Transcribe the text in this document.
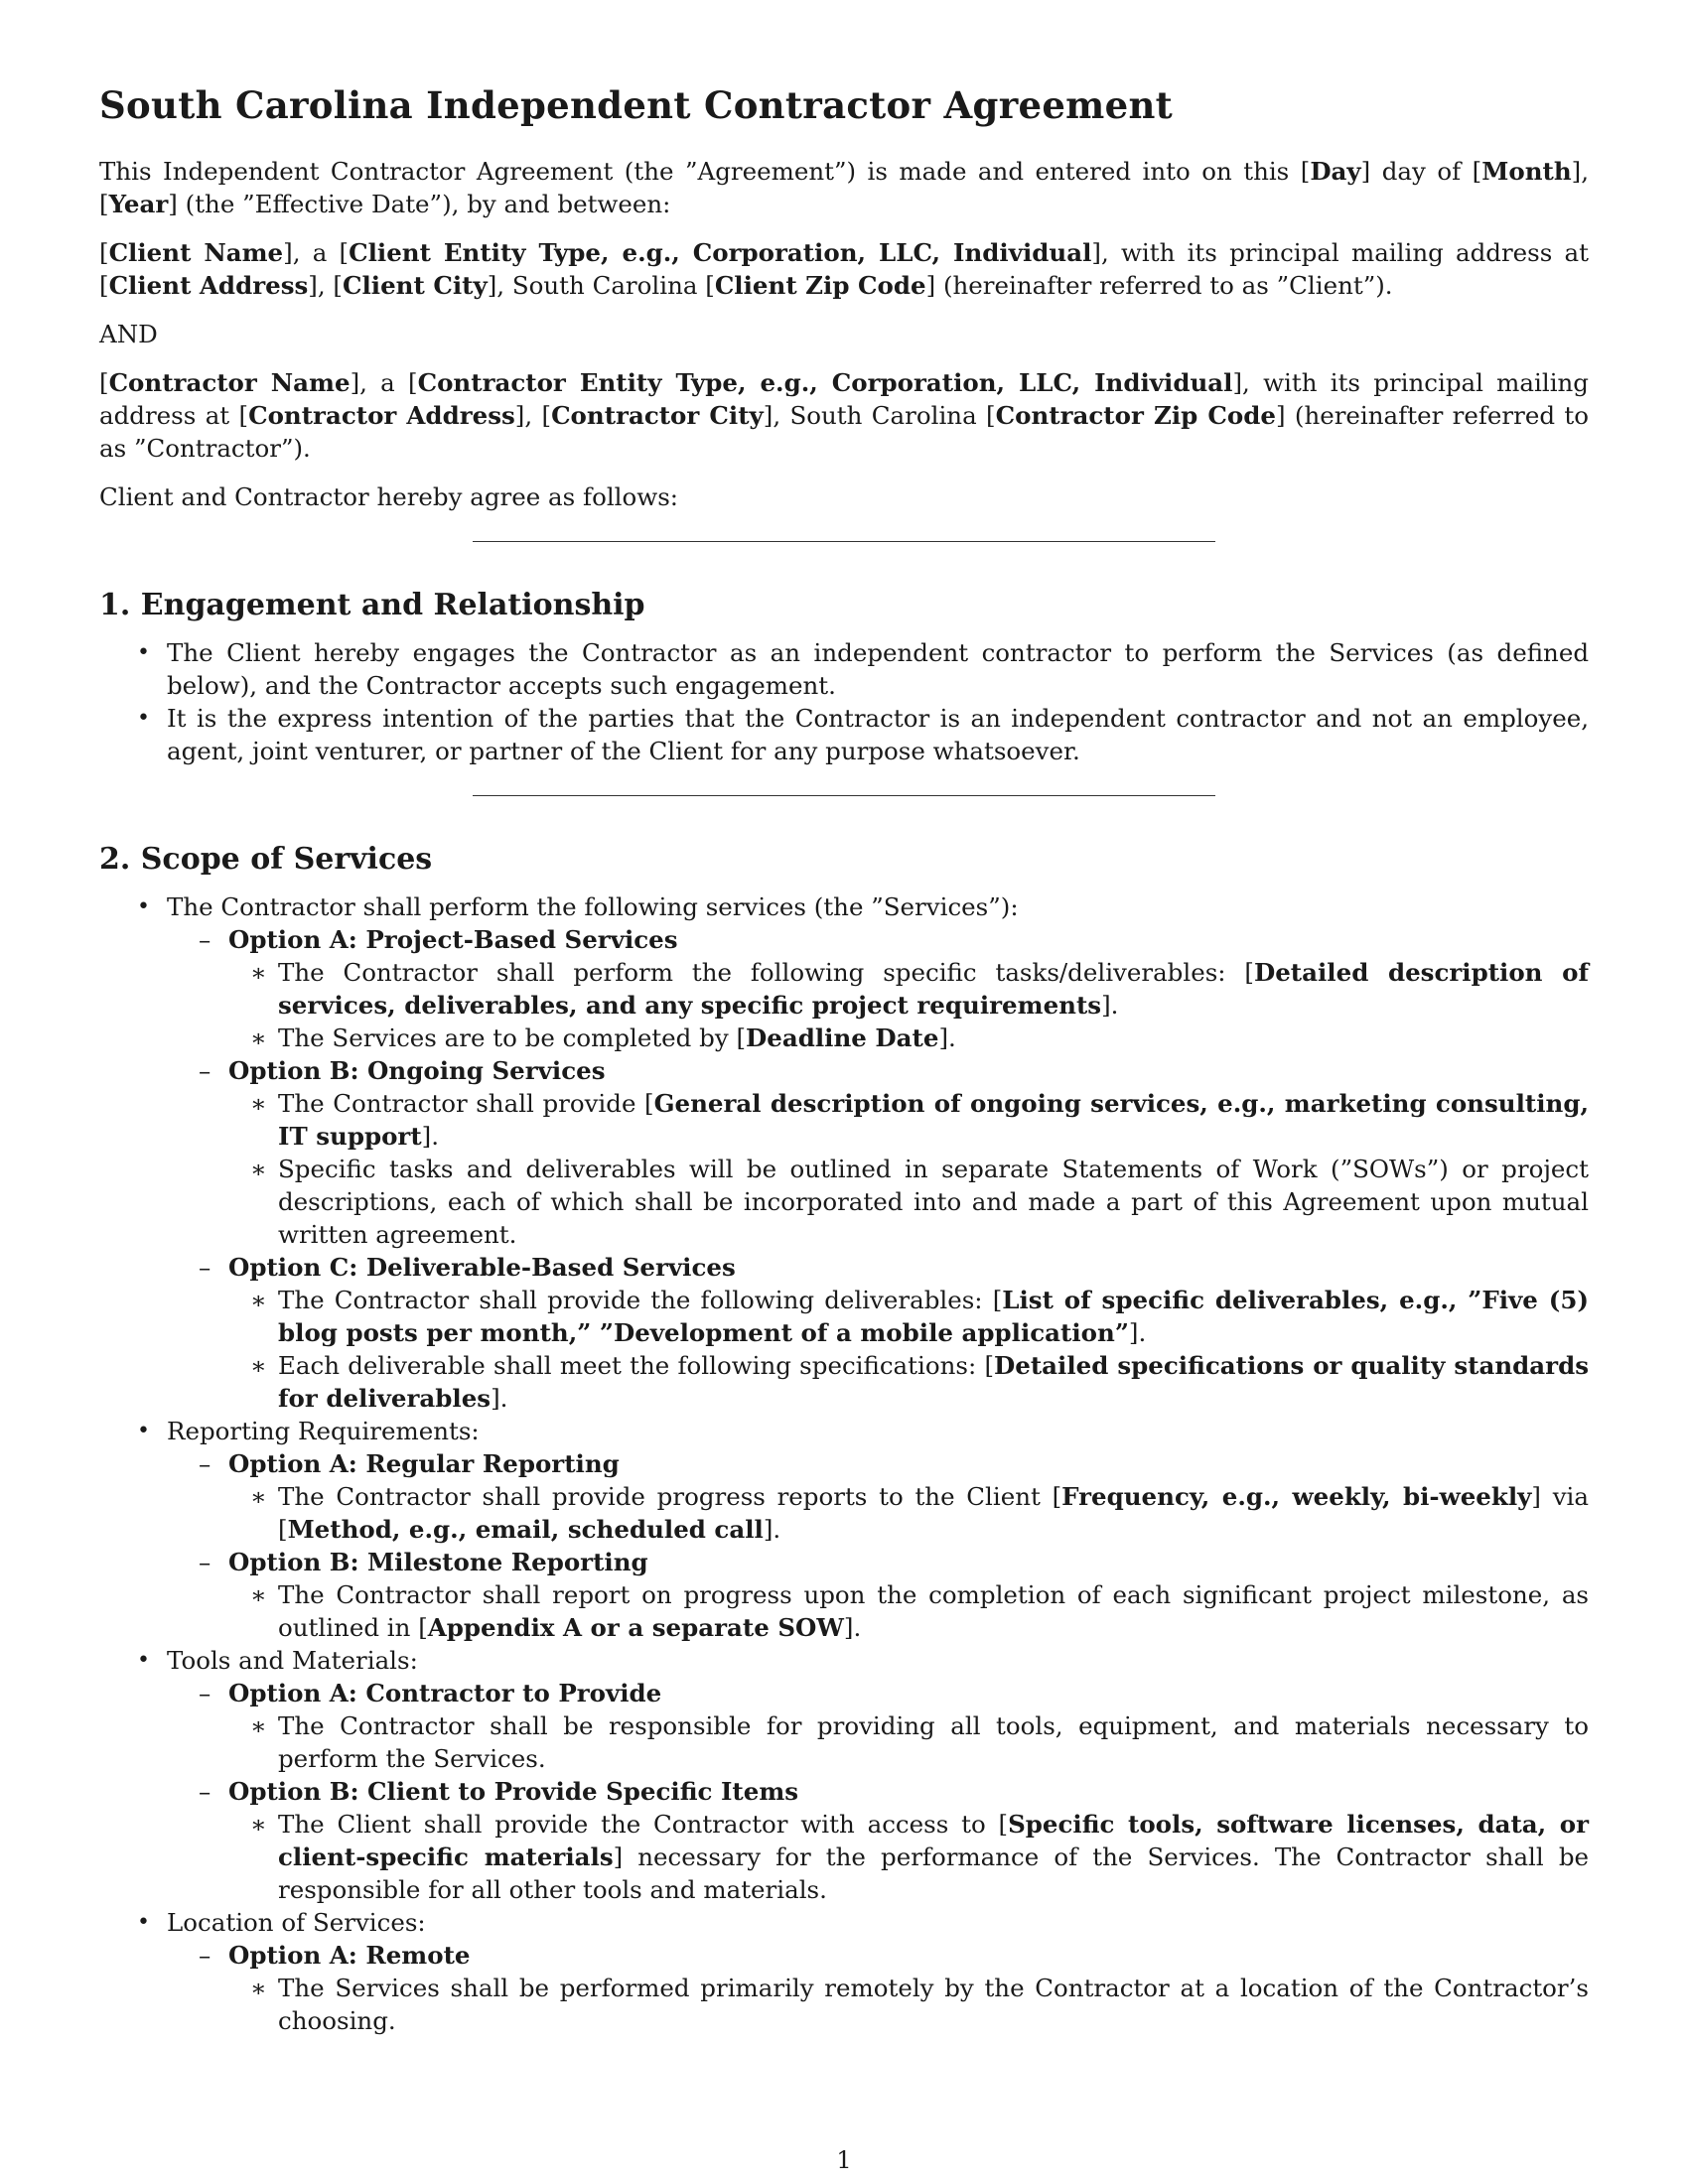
South Carolina Independent Contractor Agreement

This Independent Contractor Agreement (the ”Agreement”) is made and entered into on this [Day] day of [Month], [Year] (the ”Effective Date”), by and between:

[Client Name], a [Client Entity Type, e.g., Corporation, LLC, Individual], with its principal mailing address at [Client Address], [Client City], South Carolina [Client Zip Code] (hereinafter referred to as ”Client”).

AND

[Contractor Name], a [Contractor Entity Type, e.g., Corporation, LLC, Individual], with its principal mailing address at [Contractor Address], [Contractor City], South Carolina [Contractor Zip Code] (hereinafter referred to as ”Contractor”).

Client and Contractor hereby agree as follows:

1. Engagement and Relationship
• The Client hereby engages the Contractor as an independent contractor to perform the Services (as defined below), and the Contractor accepts such engagement.
• It is the express intention of the parties that the Contractor is an independent contractor and not an employee, agent, joint venturer, or partner of the Client for any purpose whatsoever.
2. Scope of Services
• The Contractor shall perform the following services (the ”Services”):
– Option A: Project-Based Services
∗ The Contractor shall perform the following specific tasks/deliverables: [Detailed description of services, deliverables, and any specific project requirements].
∗ The Services are to be completed by [Deadline Date].
– Option B: Ongoing Services
∗ The Contractor shall provide [General description of ongoing services, e.g., marketing consulting, IT support].
∗ Specific tasks and deliverables will be outlined in separate Statements of Work (”SOWs”) or project descriptions, each of which shall be incorporated into and made a part of this Agreement upon mutual written agreement.
– Option C: Deliverable-Based Services
∗ The Contractor shall provide the following deliverables: [List of specific deliverables, e.g., ”Five (5) blog posts per month,” ”Development of a mobile application”].
∗ Each deliverable shall meet the following specifications: [Detailed specifications or quality standards for deliverables].
• Reporting Requirements:
– Option A: Regular Reporting
∗ The Contractor shall provide progress reports to the Client [Frequency, e.g., weekly, bi-weekly] via [Method, e.g., email, scheduled call].
– Option B: Milestone Reporting
∗ The Contractor shall report on progress upon the completion of each significant project milestone, as outlined in [Appendix A or a separate SOW].
• Tools and Materials:
– Option A: Contractor to Provide
∗ The Contractor shall be responsible for providing all tools, equipment, and materials necessary to perform the Services.
– Option B: Client to Provide Specific Items
∗ The Client shall provide the Contractor with access to [Specific tools, software licenses, data, or client-specific materials] necessary for the performance of the Services. The Contractor shall be responsible for all other tools and materials.
• Location of Services:
– Option A: Remote
∗ The Services shall be performed primarily remotely by the Contractor at a location of the Contractor’s choosing.
1
